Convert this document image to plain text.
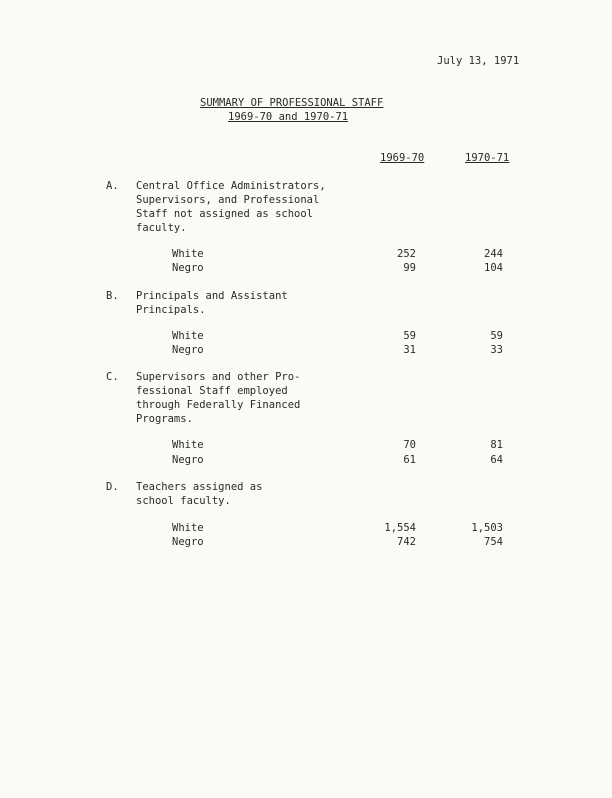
July 13, 1971
SUMMARY OF PROFESSIONAL STAFF
1969-70 and 1970-71
1969-70	1970-71
A. Central Office Administrators,
Supervisors, and Professional
Staff not assigned as school
faculty.
White	252	244
Negro	99	104
B. Principals and Assistant
Principals.
White	59	59
Negro	31	33
C. Supervisors and other Pro-
fessional Staff employed
through Federally Financed
Programs.
White	70	81
Negro	61	64
D. Teachers assigned as
school faculty.
White	1,554	1,503
Negro	742	754
